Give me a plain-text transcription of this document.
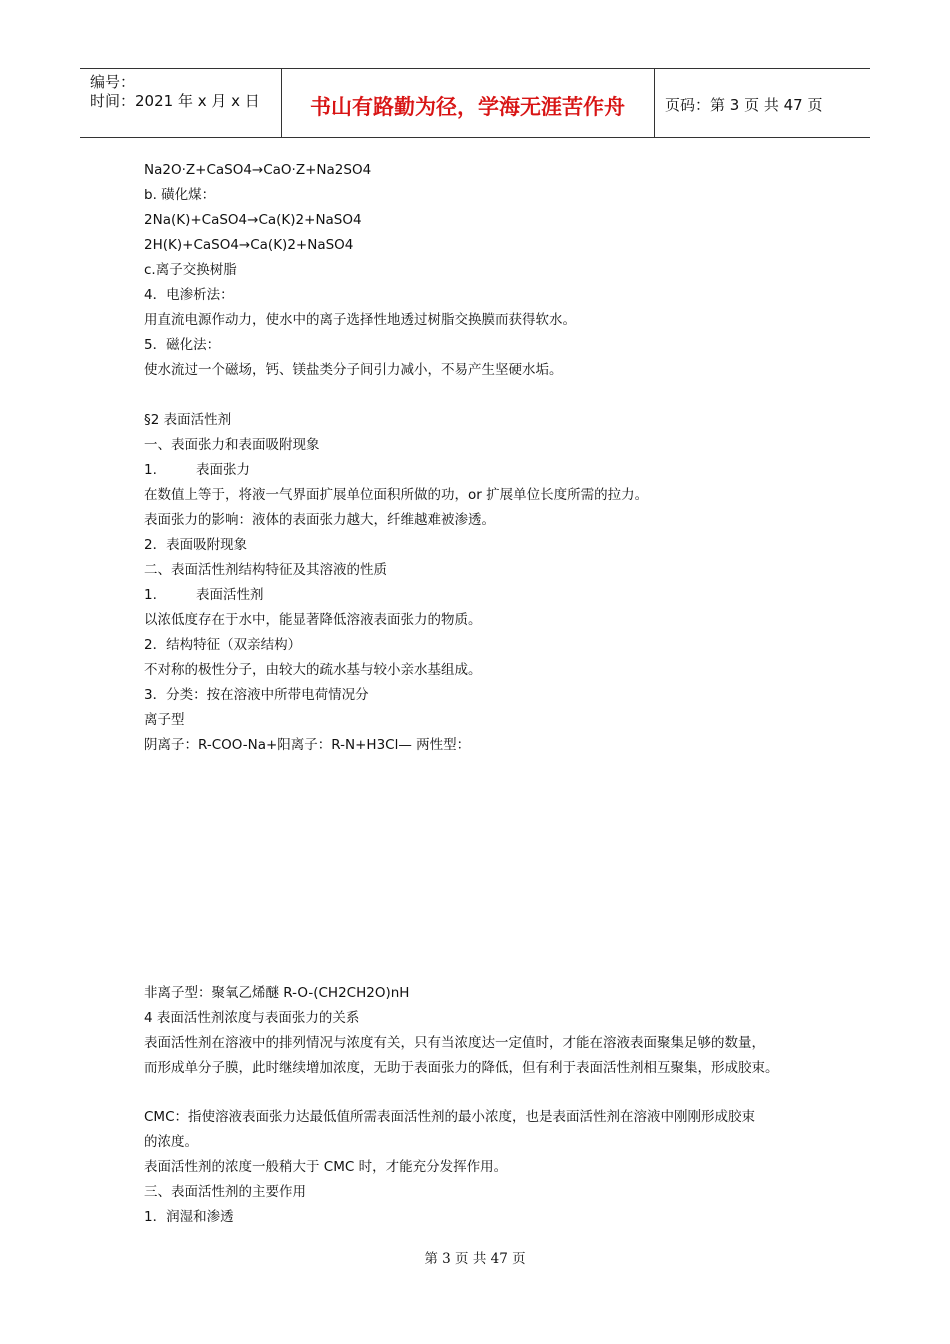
编号：
时间：2021 年 x 月 x 日	书山有路勤为径，学海无涯苦作舟	页码：第 3 页 共 47 页
Na2O·Z+CaSO4→CaO·Z+Na2SO4
b. 磺化煤：
2Na(K)+CaSO4→Ca(K)2+NaSO4
2H(K)+CaSO4→Ca(K)2+NaSO4
c.离子交换树脂
4．电渗析法：
用直流电源作动力，使水中的离子选择性地透过树脂交换膜而获得软水。
5．磁化法：
使水流过一个磁场，钙、镁盐类分子间引力减小，不易产生坚硬水垢。
§2 表面活性剂
一、表面张力和表面吸附现象
1.	表面张力
在数值上等于，将液一气界面扩展单位面积所做的功，or 扩展单位长度所需的拉力。
表面张力的影响：液体的表面张力越大，纤维越难被渗透。
2．表面吸附现象
二、表面活性剂结构特征及其溶液的性质
1.	表面活性剂
以浓低度存在于水中，能显著降低溶液表面张力的物质。
2．结构特征（双亲结构）
不对称的极性分子，由较大的疏水基与较小亲水基组成。
3．分类：按在溶液中所带电荷情况分
离子型
阴离子：R-COO-Na+阳离子：R-N+H3Cl— 两性型：
非离子型：聚氧乙烯醚 R-O-(CH2CH2O)nH
4 表面活性剂浓度与表面张力的关系
表面活性剂在溶液中的排列情况与浓度有关，只有当浓度达一定值时，才能在溶液表面聚集足够的数量，
而形成单分子膜，此时继续增加浓度，无助于表面张力的降低，但有利于表面活性剂相互聚集，形成胶束。
CMC：指使溶液表面张力达最低值所需表面活性剂的最小浓度，也是表面活性剂在溶液中刚刚形成胶束
的浓度。
表面活性剂的浓度一般稍大于 CMC 时，才能充分发挥作用。
三、表面活性剂的主要作用
1．润湿和渗透
第 3 页 共 47 页
